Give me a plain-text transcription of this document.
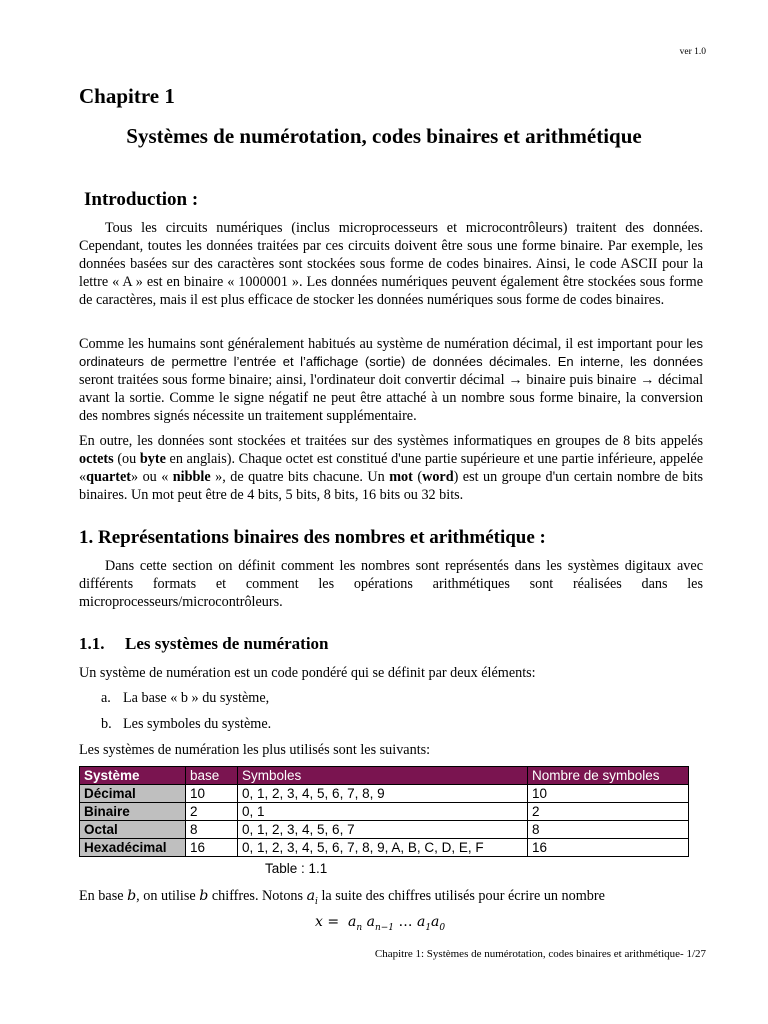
ver 1.0
Chapitre 1
Systèmes de numérotation, codes binaires et arithmétique
Introduction :
Tous les circuits numériques (inclus microprocesseurs et microcontrôleurs) traitent des données. Cependant, toutes les données traitées par ces circuits doivent être sous une forme binaire. Par exemple, les données basées sur des caractères sont stockées sous forme de codes binaires. Ainsi, le code ASCII pour la lettre « A » est en binaire « 1000001 ». Les données numériques peuvent également être stockées sous forme de caractères, mais il est plus efficace de stocker les données numériques sous forme de codes binaires.
Comme les humains sont généralement habitués au système de numération décimal, il est important pour les ordinateurs de permettre l’entrée et l’affichage (sortie) de données décimales. En interne, les données seront traitées sous forme binaire; ainsi, l'ordinateur doit convertir décimal → binaire puis binaire → décimal avant la sortie. Comme le signe négatif ne peut être attaché à un nombre sous forme binaire, la conversion des nombres signés nécessite un traitement supplémentaire.
En outre, les données sont stockées et traitées sur des systèmes informatiques en groupes de 8 bits appelés octets (ou byte en anglais). Chaque octet est constitué d'une partie supérieure et une partie inférieure, appelée «quartet» ou « nibble », de quatre bits chacune. Un mot (word) est un groupe d'un certain nombre de bits binaires. Un mot peut être de 4 bits, 5 bits, 8 bits, 16 bits ou 32 bits.
1. Représentations binaires des nombres et arithmétique :
Dans cette section on définit comment les nombres sont représentés dans les systèmes digitaux avec différents formats et comment les opérations arithmétiques sont réalisées dans les microprocesseurs/microcontrôleurs.
1.1. Les systèmes de numération
Un système de numération est un code pondéré qui se définit par deux éléments:
a. La base « b » du système,
b. Les symboles du système.
Les systèmes de numération les plus utilisés sont les suivants:
Système	base	Symboles	Nombre de symboles
Décimal	10	0, 1, 2, 3, 4, 5, 6, 7, 8, 9	10
Binaire	2	0, 1	2
Octal	8	0, 1, 2, 3, 4, 5, 6, 7	8
Hexadécimal	16	0, 1, 2, 3, 4, 5, 6, 7, 8, 9, A, B, C, D, E, F	16
Table : 1.1
En base b, on utilise b chiffres. Notons $a_i$ la suite des chiffres utilisés pour écrire un nombre
$x = a_n$ $a_{n-1}$ … $a_1a_0$
Chapitre 1: Systèmes de numérotation, codes binaires et arithmétique- 1/27
